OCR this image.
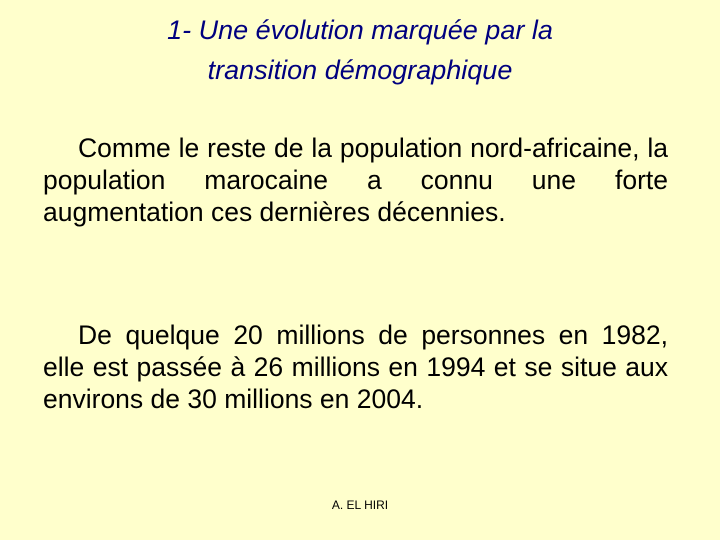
1- Une évolution marquée par la
transition démographique

Comme le reste de la population nord-africaine, la population marocaine a connu une forte augmentation ces dernières décennies.

De quelque 20 millions de personnes en 1982, elle est passée à 26 millions en 1994 et se situe aux environs de 30 millions en 2004.

A. EL HIRI
